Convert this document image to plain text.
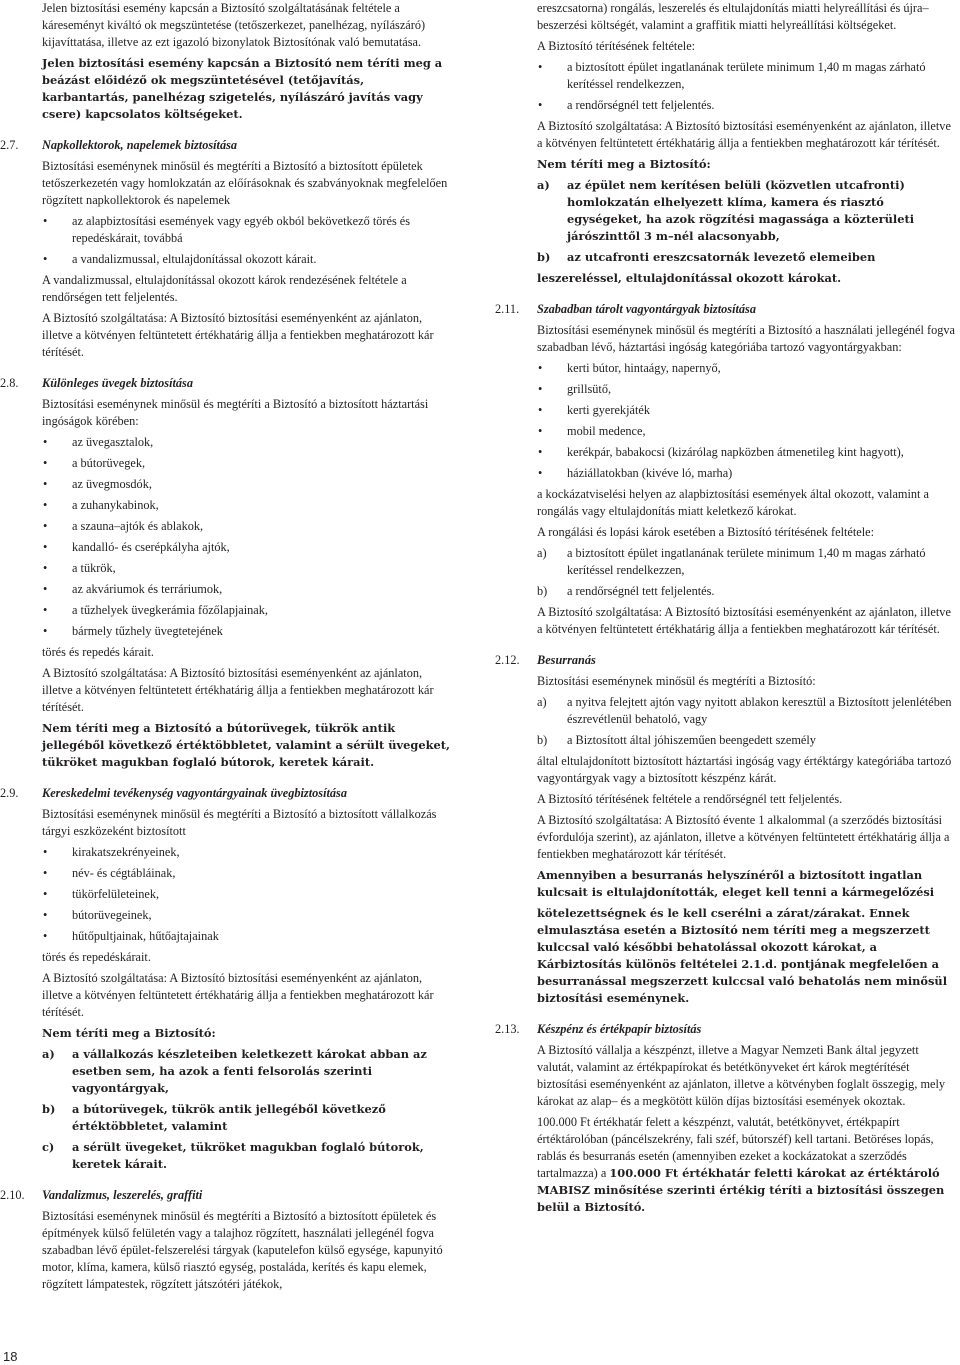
Jelen biztosítási esemény kapcsán a Biztosító szolgáltatásának feltétele a káreseményt kiváltó ok megszüntetése (tetőszerkezet, panelhézag, nyílászáró) kijavíttatása, illetve az ezt igazoló bizonylatok Biztosítónak való bemutatása.

Jelen biztosítási esemény kapcsán a Biztosító nem téríti meg a beázást előidéző ok megszüntetésével (tetőjavítás, karbantartás, panelhézag szigetelés, nyílászáró javítás vagy csere) kapcsolatos költségeket.

2.7. Napkollektorok, napelemek biztosítása

Biztosítási eseménynek minősül és megtéríti a Biztosító a biztosított épületek tetőszerkezetén vagy homlokzatán az előírásoknak és szabványoknak megfelelően rögzített napkollektorok és napelemek

• az alapbiztosítási események vagy egyéb okból bekövetkező törés és repedéskárait, továbbá
• a vandalizmussal, eltulajdonítással okozott kárait.

A vandalizmussal, eltulajdonítással okozott károk rendezésének feltétele a rendőrségen tett feljelentés.

A Biztosító szolgáltatása: A Biztosító biztosítási eseményenként az ajánlaton, illetve a kötvényen feltüntetett értékhatárig állja a fentiekben meghatározott kár térítését.

2.8. Különleges üvegek biztosítása

Biztosítási eseménynek minősül és megtéríti a Biztosító a biztosított háztartási ingóságok körében:

• az üvegasztalok,
• a bútorüvegek,
• az üvegmosdók,
• a zuhanykabinok,
• a szauna–ajtók és ablakok,
• kandalló- és cserépkályha ajtók,
• a tükrök,
• az akváriumok és terráriumok,
• a tűzhelyek üvegkerámia főzőlapjainak,
• bármely tűzhely üvegtetejének

törés és repedés kárait.

A Biztosító szolgáltatása: A Biztosító biztosítási eseményenként az ajánlaton, illetve a kötvényen feltüntetett értékhatárig állja a fentiekben meghatározott kár térítését.

Nem téríti meg a Biztosító a bútorüvegek, tükrök antik jellegéből következő értéktöbbletet, valamint a sérült üvegeket, tükröket magukban foglaló bútorok, keretek kárait.

2.9. Kereskedelmi tevékenység vagyontárgyainak üvegbiztosítása

Biztosítási eseménynek minősül és megtéríti a Biztosító a biztosított vállalkozás tárgyi eszközeként biztosított

• kirakatszekrényeinek,
• név- és cégtábláinak,
• tükörfelületeinek,
• bútorüvegeinek,
• hűtőpultjainak, hűtőajtajainak

törés és repedéskárait.

A Biztosító szolgáltatása: A Biztosító biztosítási eseményenként az ajánlaton, illetve a kötvényen feltüntetett értékhatárig állja a fentiekben meghatározott kár térítését.

Nem téríti meg a Biztosító:

a) a vállalkozás készleteiben keletkezett károkat abban az esetben sem, ha azok a fenti felsorolás szerinti vagyontárgyak,
b) a bútorüvegek, tükrök antik jellegéből következő értéktöbbletet, valamint
c) a sérült üvegeket, tükröket magukban foglaló bútorok, keretek kárait.
2.10. Vandalizmus, leszerelés, graffiti

Biztosítási eseménynek minősül és megtéríti a Biztosító a biztosított épületek és építmények külső felületén vagy a talajhoz rögzített, használati jellegénél fogva szabadban lévő épület-felszerelési tárgyak (kaputelefon külső egysége, kapunyitó motor, klíma, kamera, külső riasztó egység, postaláda, kerítés és kapu elemek, rögzített lámpatestek, rögzített játszótéri játékok,

ereszcsatorna) rongálás, leszerelés és eltulajdonítás miatti helyreállítási és újra–beszerzési költségét, valamint a graffitik miatti helyreállítási költségeket.

A Biztosító térítésének feltétele:

• a biztosított épület ingatlanának területe minimum 1,40 m magas zárható kerítéssel rendelkezzen,
• a rendőrségnél tett feljelentés.

A Biztosító szolgáltatása: A Biztosító biztosítási eseményenként az ajánlaton, illetve a kötvényen feltüntetett értékhatárig állja a fentiekben meghatározott kár térítését.

Nem téríti meg a Biztosító:

a) az épület nem kerítésen belüli (közvetlen utcafronti) homlokzatán elhelyezett klíma, kamera és riasztó egységeket, ha azok rögzítési magassága a közterületi járószinttől 3 m–nél alacsonyabb,
b) az utcafronti ereszcsatornák levezető elemeiben

leszereléssel, eltulajdonítással okozott károkat.

2.11. Szabadban tárolt vagyontárgyak biztosítása

Biztosítási eseménynek minősül és megtéríti a Biztosító a használati jellegénél fogva szabadban lévő, háztartási ingóság kategóriába tartozó vagyontárgyakban:

• kerti bútor, hintaágy, napernyő,
• grillsütő,
• kerti gyerekjáték
• mobil medence,
• kerékpár, babakocsi (kizárólag napközben átmenetileg kint hagyott),
• háziállatokban (kivéve ló, marha)

a kockázatviselési helyen az alapbiztosítási események által okozott, valamint a rongálás vagy eltulajdonítás miatt keletkező károkat.

A rongálási és lopási károk esetében a Biztosító térítésének feltétele:

a) a biztosított épület ingatlanának területe minimum 1,40 m magas zárható kerítéssel rendelkezzen,
b) a rendőrségnél tett feljelentés.

A Biztosító szolgáltatása: A Biztosító biztosítási eseményenként az ajánlaton, illetve a kötvényen feltüntetett értékhatárig állja a fentiekben meghatározott kár térítését.

2.12. Besurranás

Biztosítási eseménynek minősül és megtéríti a Biztosító:

a) a nyitva felejtett ajtón vagy nyitott ablakon keresztül a Biztosított jelenlétében észrevétlenül behatoló, vagy
b) a Biztosított által jóhiszeműen beengedett személy

által eltulajdonított biztosított háztartási ingóság vagy értéktárgy kategóriába tartozó vagyontárgyak vagy a biztosított készpénz kárát.

A Biztosító térítésének feltétele a rendőrségnél tett feljelentés.

A Biztosító szolgáltatása: A Biztosító évente 1 alkalommal (a szerződés biztosítási évfordulója szerint), az ajánlaton, illetve a kötvényen feltüntetett értékhatárig állja a fentiekben meghatározott kár térítését.

Amennyiben a besurranás helyszínéről a biztosított ingatlan kulcsait is eltulajdonították, eleget kell tenni a kármegelőzési

kötelezettségnek és le kell cserélni a zárat/zárakat. Ennek elmulasztása esetén a Biztosító nem téríti meg a megszerzett kulccsal való későbbi behatolással okozott károkat, a Kárbiztosítás különös feltételei 2.1.d. pontjának megfelelően a besurranással megszerzett kulccsal való behatolás nem minősül biztosítási eseménynek.

2.13. Készpénz és értékpapír biztosítás

A Biztosító vállalja a készpénzt, illetve a Magyar Nemzeti Bank által jegyzett valutát, valamint az értékpapírokat és betétkönyveket ért károk megtérítését biztosítási eseményenként az ajánlaton, illetve a kötvényben foglalt összegig, mely károkat az alap– és a megkötött külön díjas biztosítási események okoztak.

100.000 Ft értékhatár felett a készpénzt, valutát, betétkönyvet, értékpapírt értéktárolóban (páncélszekrény, fali széf, bútorszéf) kell tartani. Betöréses lopás, rablás és besurranás esetén (amennyiben ezeket a kockázatokat a szerződés tartalmazza) a 100.000 Ft értékhatár feletti károkat az értéktároló MABISZ minősítése szerinti értékig téríti a biztosítási összegen belül a Biztosító.

18
